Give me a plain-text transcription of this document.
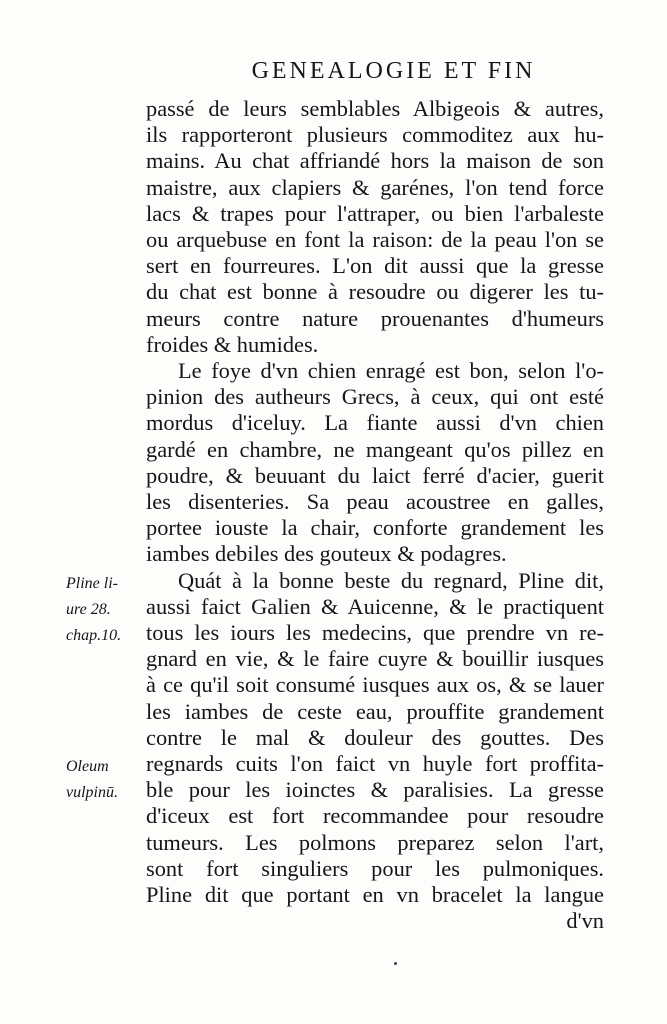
GENEALOGIE ET FIN
passé de leurs semblables Albigeois & autres,
ils rapporteront plusieurs commoditez aux hu-
mains. Au chat affriandé hors la maison de son
maistre, aux clapiers & garénes, l'on tend force
lacs & trapes pour l'attraper, ou bien l'arbaleste
ou arquebuse en font la raison: de la peau l'on se
sert en fourreures. L'on dit aussi que la gresse
du chat est bonne à resoudre ou digerer les tu-
meurs contre nature prouenantes d'humeurs
froides & humides.
Le foye d'vn chien enragé est bon, selon l'o-
pinion des autheurs Grecs, à ceux, qui ont esté
mordus d'iceluy. La fiante aussi d'vn chien
gardé en chambre, ne mangeant qu'os pillez en
poudre, & beuuant du laict ferré d'acier, guerit
les disenteries. Sa peau acoustree en galles,
portee iouste la chair, conforte grandement les
iambes debiles des gouteux & podagres.
Quát à la bonne beste du regnard, Pline dit,
aussi faict Galien & Auicenne, & le practiquent
tous les iours les medecins, que prendre vn re-
gnard en vie, & le faire cuyre & bouillir iusques
à ce qu'il soit consumé iusques aux os, & se lauer
les iambes de ceste eau, prouffite grandement
contre le mal & douleur des gouttes. Des
regnards cuits l'on faict vn huyle fort proffita-
ble pour les ioinctes & paralisies. La gresse
d'iceux est fort recommandee pour resoudre
tumeurs. Les polmons preparez selon l'art,
sont fort singuliers pour les pulmoniques.
Pline dit que portant en vn bracelet la langue
d'vn
Pline li-
ure 28.
chap.10.
Oleum
vulpinū.
